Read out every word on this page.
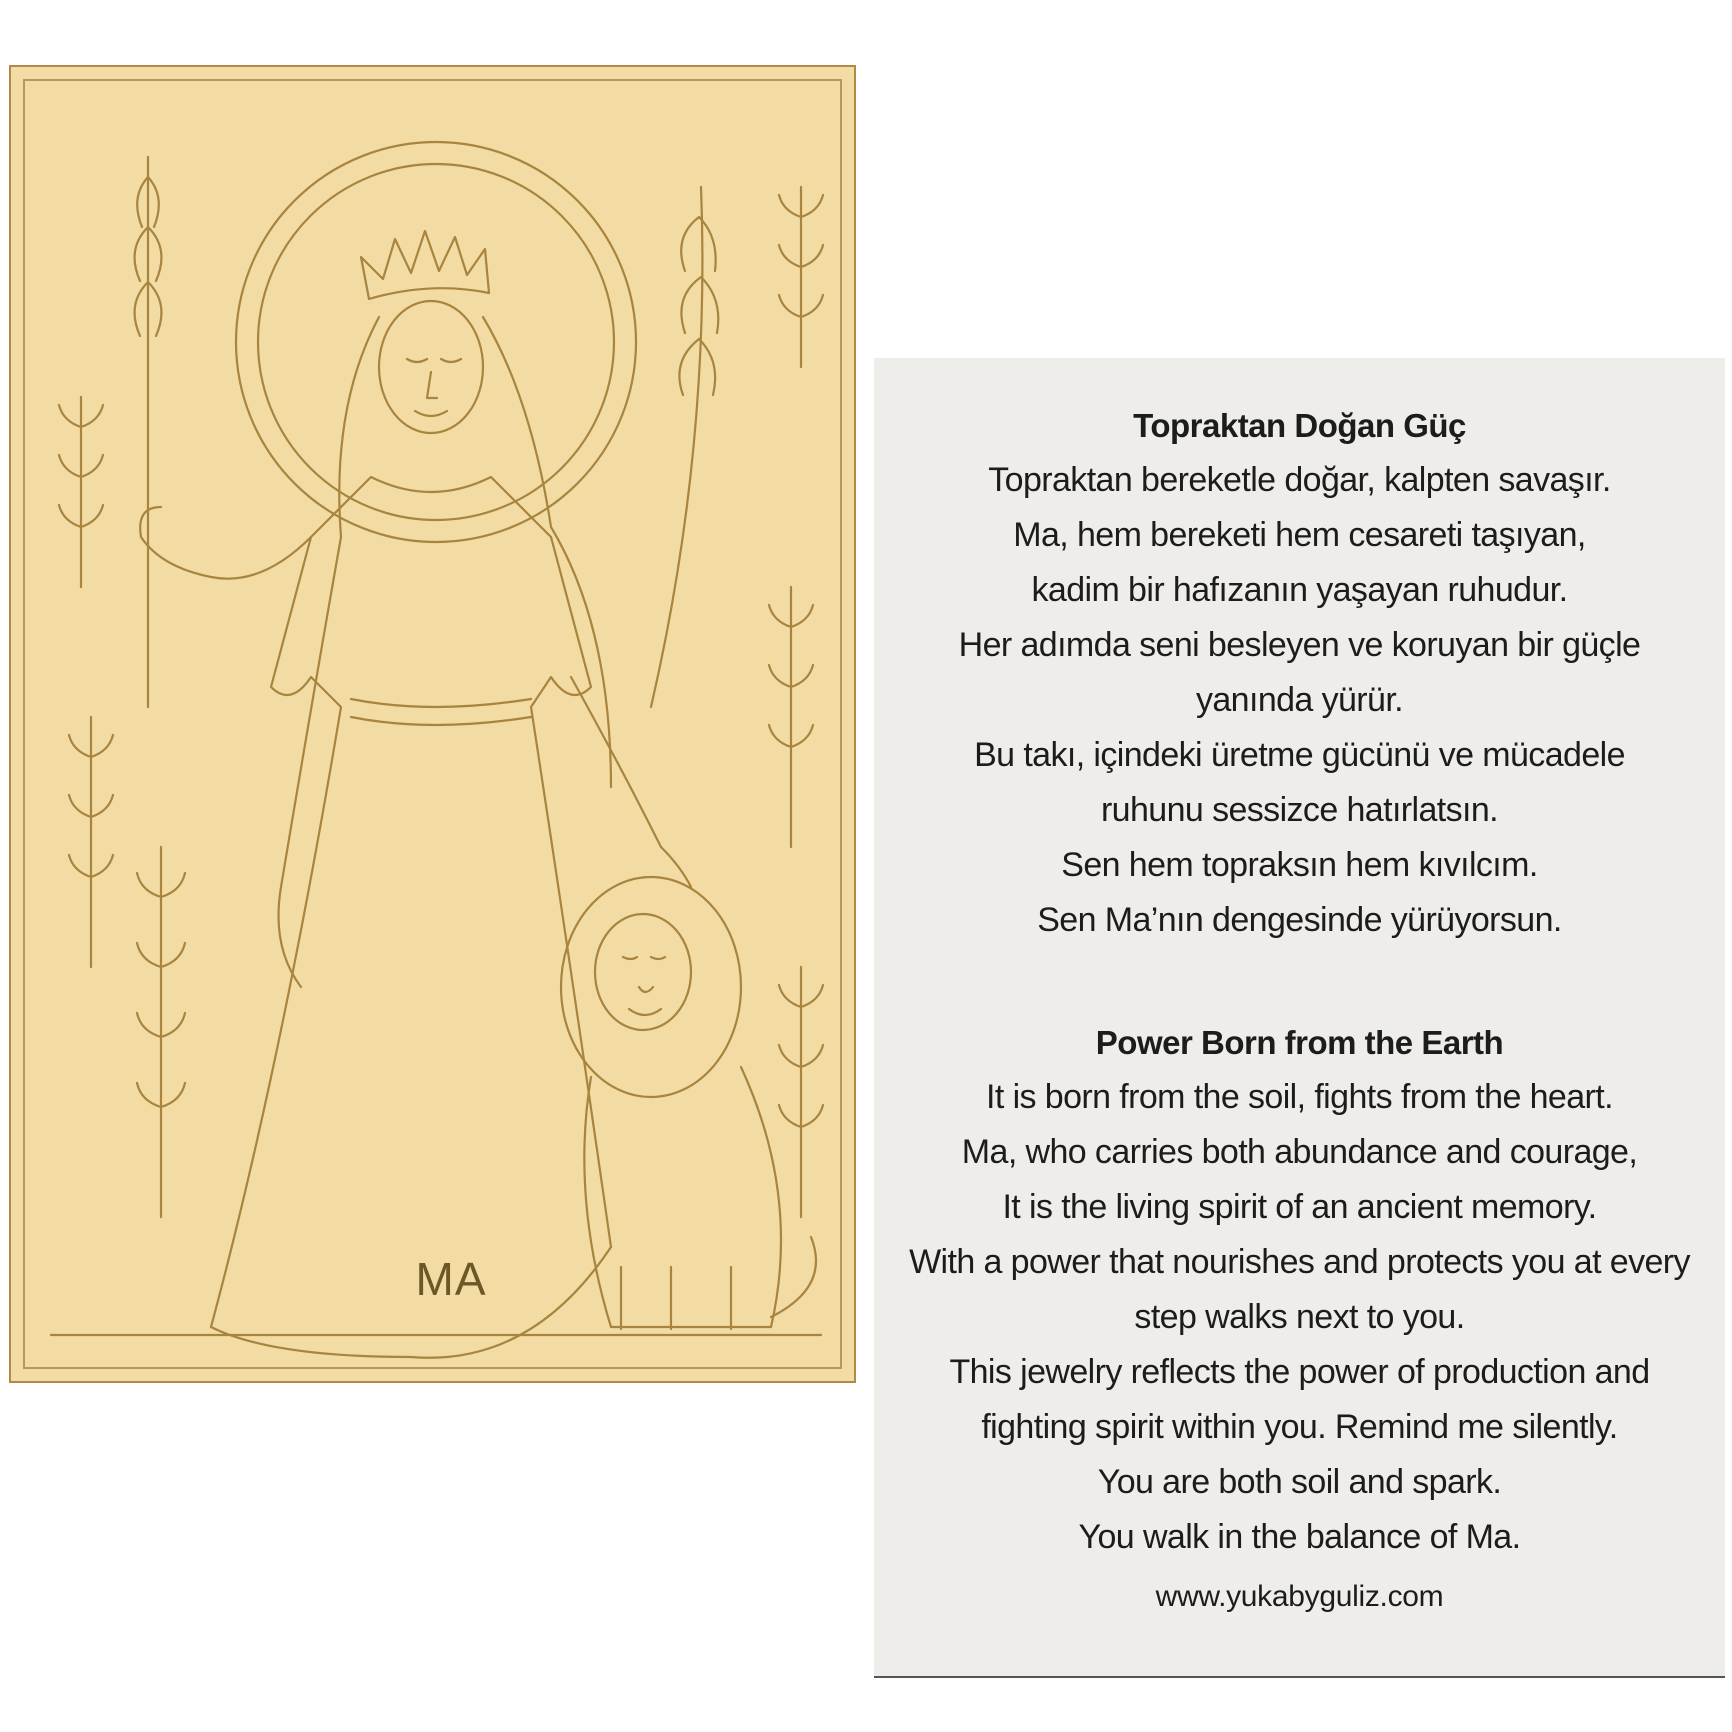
MA
Topraktan Doğan Güç
Topraktan bereketle doğar, kalpten savaşır.
Ma, hem bereketi hem cesareti taşıyan,
kadim bir hafızanın yaşayan ruhudur.
Her adımda seni besleyen ve koruyan bir güçle
yanında yürür.
Bu takı, içindeki üretme gücünü ve mücadele
ruhunu sessizce hatırlatsın.
Sen hem topraksın hem kıvılcım.
Sen Ma’nın dengesinde yürüyorsun.
Power Born from the Earth
It is born from the soil, fights from the heart.
Ma, who carries both abundance and courage,
It is the living spirit of an ancient memory.
With a power that nourishes and protects you at every
step walks next to you.
This jewelry reflects the power of production and
fighting spirit within you. Remind me silently.
You are both soil and spark.
You walk in the balance of Ma.
www.yukabyguliz.com
